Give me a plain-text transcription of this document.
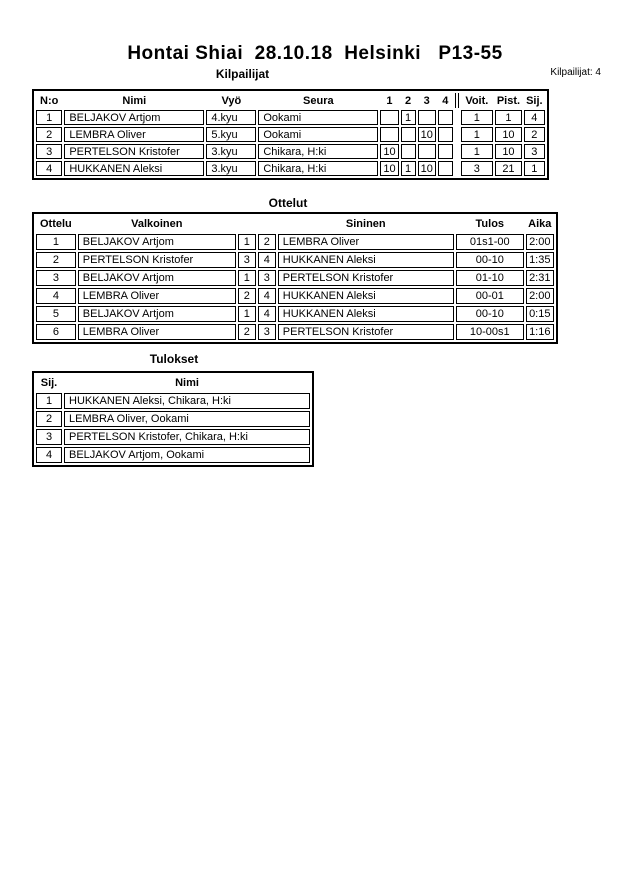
Hontai Shiai  28.10.18  Helsinki   P13-55
Kilpailijat	Kilpailijat: 4
N:o	Nimi	Vyö	Seura	1	2	3	4		Voit.	Pist.	Sij.
1	BELJAKOV Artjom	4.kyu	Ookami		1				1	1	4
2	LEMBRA Oliver	5.kyu	Ookami			10			1	10	2
3	PERTELSON Kristofer	3.kyu	Chikara, H:ki	10					1	10	3
4	HUKKANEN Aleksi	3.kyu	Chikara, H:ki	10	1	10			3	21	1
Ottelut
Ottelu	Valkoinen			Sininen	Tulos	Aika
1	BELJAKOV Artjom	1	2	LEMBRA Oliver	01s1-00	2:00
2	PERTELSON Kristofer	3	4	HUKKANEN Aleksi	00-10	1:35
3	BELJAKOV Artjom	1	3	PERTELSON Kristofer	01-10	2:31
4	LEMBRA Oliver	2	4	HUKKANEN Aleksi	00-01	2:00
5	BELJAKOV Artjom	1	4	HUKKANEN Aleksi	00-10	0:15
6	LEMBRA Oliver	2	3	PERTELSON Kristofer	10-00s1	1:16
Tulokset
Sij.	Nimi
1	HUKKANEN Aleksi, Chikara, H:ki
2	LEMBRA Oliver, Ookami
3	PERTELSON Kristofer, Chikara, H:ki
4	BELJAKOV Artjom, Ookami
